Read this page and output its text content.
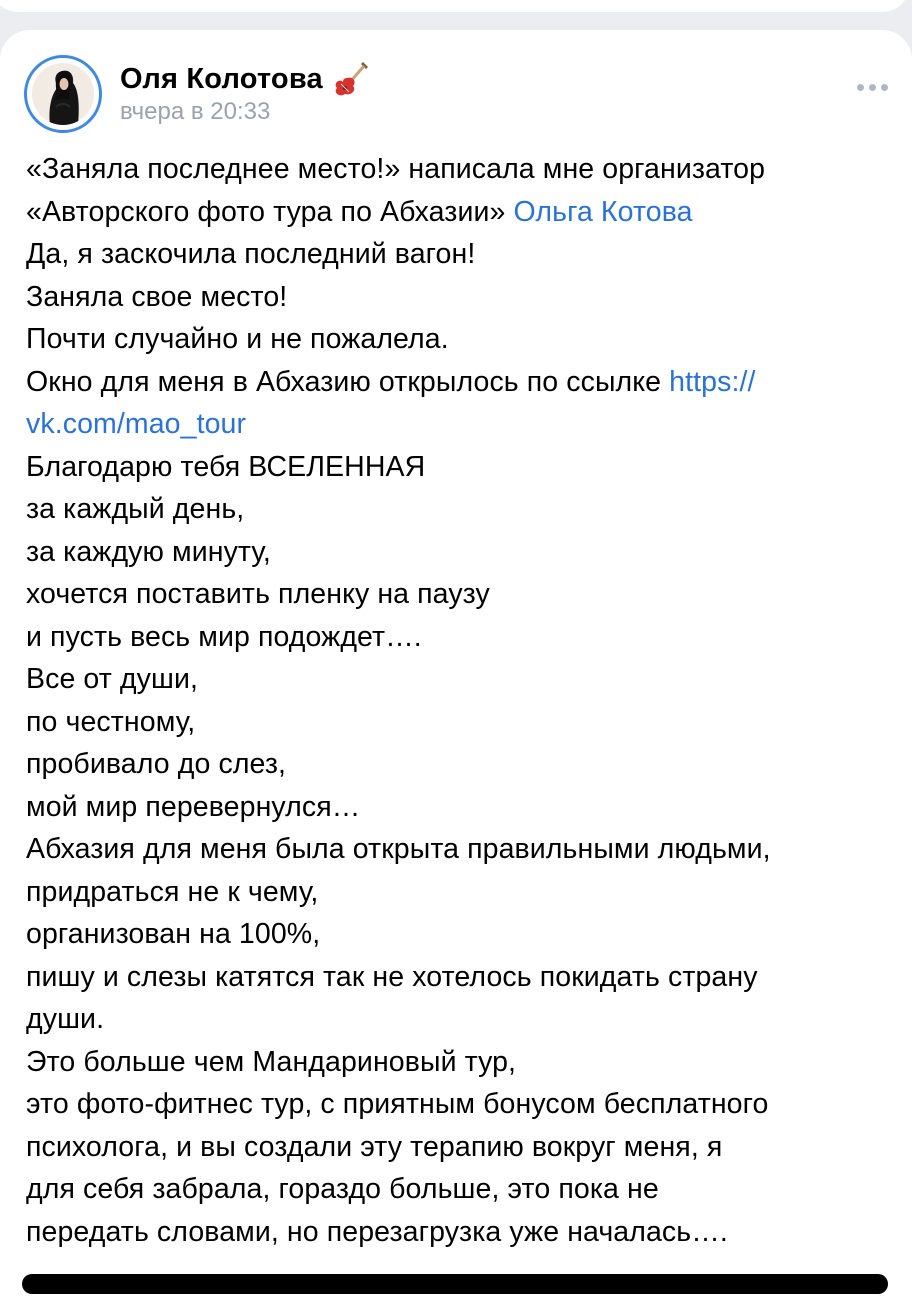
Оля Колотова
вчера в 20:33
«Заняла последнее место!» написала мне организатор
«Авторского фото тура по Абхазии» Ольга Котова
Да, я заскочила последний вагон!
Заняла свое место!
Почти случайно и не пожалела.
Окно для меня в Абхазию открылось по ссылке https://
vk.com/mao_tour
Благодарю тебя ВСЕЛЕННАЯ
за каждый день,
за каждую минуту,
хочется поставить пленку на паузу
и пусть весь мир подождет….
Все от души,
по честному,
пробивало до слез,
мой мир перевернулся…
Абхазия для меня была открыта правильными людьми,
придраться не к чему,
организован на 100%,
пишу и слезы катятся так не хотелось покидать страну
души.
Это больше чем Мандариновый тур,
это фото-фитнес тур, с приятным бонусом бесплатного
психолога, и вы создали эту терапию вокруг меня, я
для себя забрала, гораздо больше, это пока не
передать словами, но перезагрузка уже началась….
